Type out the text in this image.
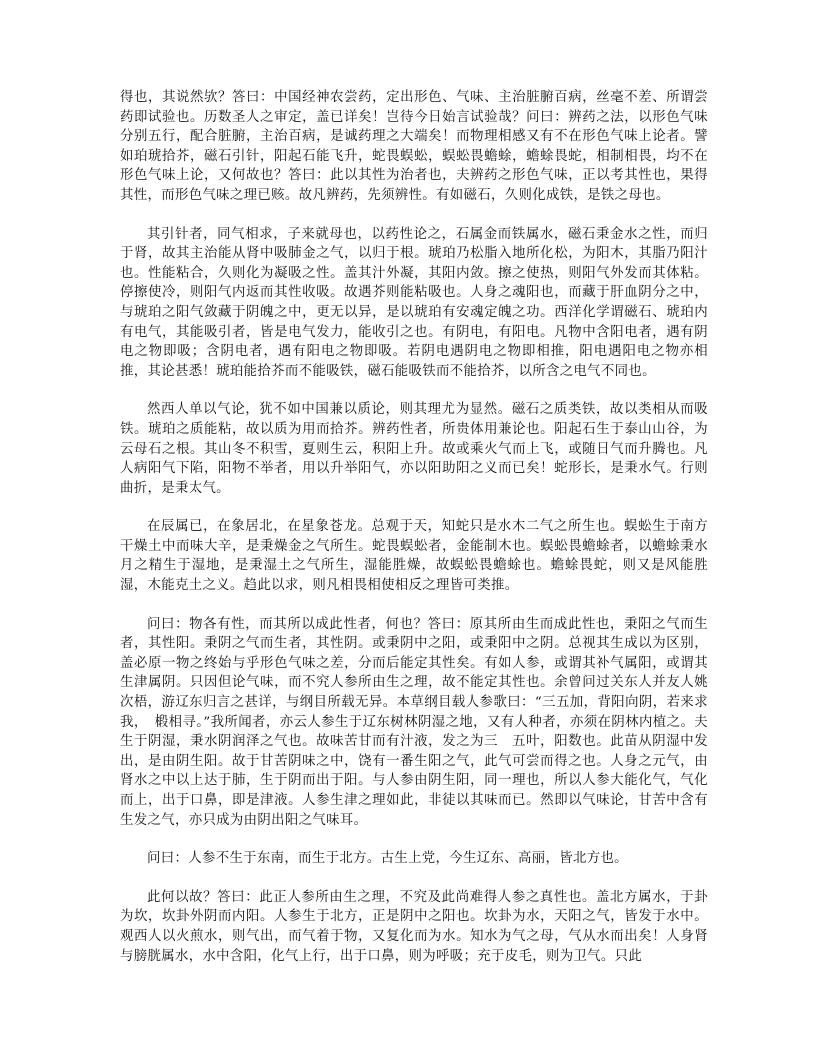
得也，其说然欤？答曰：中国经神农尝药，定出形色、气味、主治脏腑百病，丝毫不差、所谓尝药即试验也。历数圣人之审定，盖已详矣！岂待今日始言试验哉？问曰：辨药之法，以形色气味分别五行，配合脏腑，主治百病，是诚药理之大端矣！而物理相感又有不在形色气味上论者。譬如珀琥拾芥，磁石引针，阳起石能飞升，蛇畏蜈蚣，蜈蚣畏蟾蜍，蟾蜍畏蛇，相制相畏，均不在形色气味上论，又何故也？答曰：此以其性为治者也，夫辨药之形色气味，正以考其性也，果得其性，而形色气味之理已赅。故凡辨药，先须辨性。有如磁石，久则化成铁，是铁之母也。

其引针者，同气相求，子来就母也，以药性论之，石属金而铁属水，磁石秉金水之性，而归于肾，故其主治能从肾中吸肺金之气，以归于根。琥珀乃松脂入地所化松，为阳木，其脂乃阳汁也。性能粘合，久则化为凝吸之性。盖其汁外凝，其阳内敛。擦之使热，则阳气外发而其体粘。停擦使冷，则阳气内返而其性收吸。故遇芥则能粘吸也。人身之魂阳也，而藏于肝血阴分之中，与琥珀之阳气敛藏于阴魄之中，更无以异，是以琥珀有安魂定魄之功。西洋化学谓磁石、琥珀内有电气，其能吸引者，皆是电气发力，能收引之也。有阴电，有阳电。凡物中含阳电者，遇有阴电之物即吸；含阴电者，遇有阳电之物即吸。若阴电遇阴电之物即相推，阳电遇阳电之物亦相推，其论甚悉！琥珀能拾芥而不能吸铁，磁石能吸铁而不能拾芥，以所含之电气不同也。

然西人单以气论，犹不如中国兼以质论，则其理尤为显然。磁石之质类铁，故以类相从而吸铁。琥珀之质能粘，故以质为用而拾芥。辨药性者，所贵体用兼论也。阳起石生于泰山山谷，为云母石之根。其山冬不积雪，夏则生云，积阳上升。故或乘火气而上飞，或随日气而升腾也。凡人病阳气下陷，阳物不举者，用以升举阳气，亦以阳助阳之义而已矣！蛇形长，是秉水气。行则曲折，是秉太气。

在辰属已，在象居北，在星象苍龙。总观于天，知蛇只是水木二气之所生也。蜈蚣生于南方干燥土中而味大辛，是秉燥金之气所生。蛇畏蜈蚣者，金能制木也。蜈蚣畏蟾蜍者，以蟾蜍秉水月之精生于湿地，是秉湿土之气所生，湿能胜燥，故蜈蚣畏蟾蜍也。蟾蜍畏蛇，则又是风能胜湿，木能克土之义。趋此以求，则凡相畏相使相反之理皆可类推。

问曰：物各有性，而其所以成此性者，何也？答曰：原其所由生而成此性也，秉阳之气而生者，其性阳。秉阴之气而生者，其性阴。或秉阴中之阳，或秉阳中之阴。总视其生成以为区别，盖必原一物之终始与乎形色气味之差，分而后能定其性矣。有如人参，或谓其补气属阳，或谓其生津属阴。只因但论气味，而不究人参所由生之理，故不能定其性也。余曾问过关东人并友人姚次梧，游辽东归言之甚详，与纲目所载无异。本草纲目载人参歌曰：“三五加，背阳向阴，若来求我，　椴相寻。”我所闻者，亦云人参生于辽东树林阴湿之地，又有人种者，亦须在阴林内植之。夫生于阴湿，秉水阴润泽之气也。故味苦甘而有汁液，发之为三　五叶，阳数也。此苗从阴湿中发出，是由阴生阳。故于甘苦阴味之中，饶有一番生阳之气，此气可尝而得之也。人身之元气，由肾水之中以上达于肺，生于阴而出于阳。与人参由阴生阳，同一理也，所以人参大能化气，气化而上，出于口鼻，即是津液。人参生津之理如此，非徒以其味而已。然即以气味论，甘苦中含有生发之气，亦只成为由阴出阳之气味耳。

问曰：人参不生于东南，而生于北方。古生上党，今生辽东、高丽，皆北方也。

此何以故？答曰：此正人参所由生之理，不究及此尚难得人参之真性也。盖北方属水，于卦为坎，坎卦外阴而内阳。人参生于北方，正是阴中之阳也。坎卦为水，天阳之气，皆发于水中。观西人以火煎水，则气出，而气着于物，又复化而为水。知水为气之母，气从水而出矣！人身肾与膀胱属水，水中含阳，化气上行，出于口鼻，则为呼吸；充于皮毛，则为卫气。只此
